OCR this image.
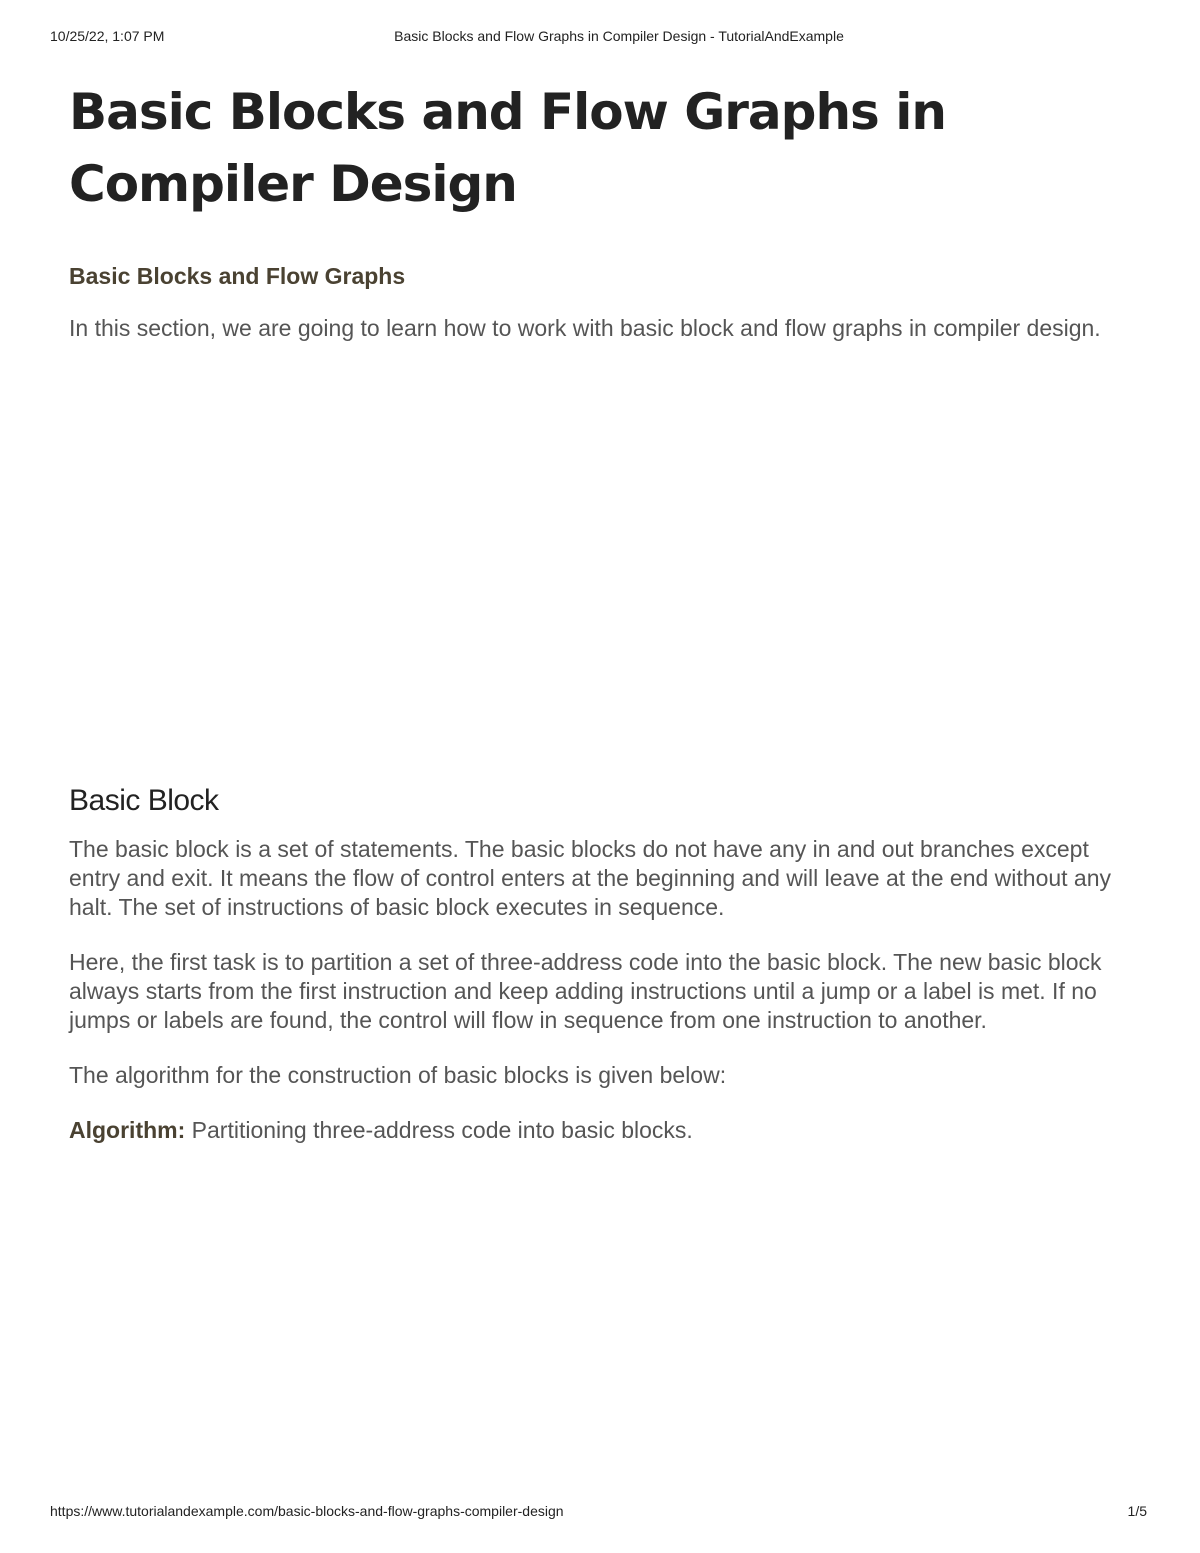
10/25/22, 1:07 PM	Basic Blocks and Flow Graphs in Compiler Design - TutorialAndExample
Basic Blocks and Flow Graphs in Compiler Design
Basic Blocks and Flow Graphs

In this section, we are going to learn how to work with basic block and flow graphs in compiler design.

Basic Block

The basic block is a set of statements. The basic blocks do not have any in and out branches except entry and exit. It means the flow of control enters at the beginning and will leave at the end without any halt. The set of instructions of basic block executes in sequence.

Here, the first task is to partition a set of three-address code into the basic block. The new basic block always starts from the first instruction and keep adding instructions until a jump or a label is met. If no jumps or labels are found, the control will flow in sequence from one instruction to another.

The algorithm for the construction of basic blocks is given below:

Algorithm: Partitioning three-address code into basic blocks.

https://www.tutorialandexample.com/basic-blocks-and-flow-graphs-compiler-design	1/5
